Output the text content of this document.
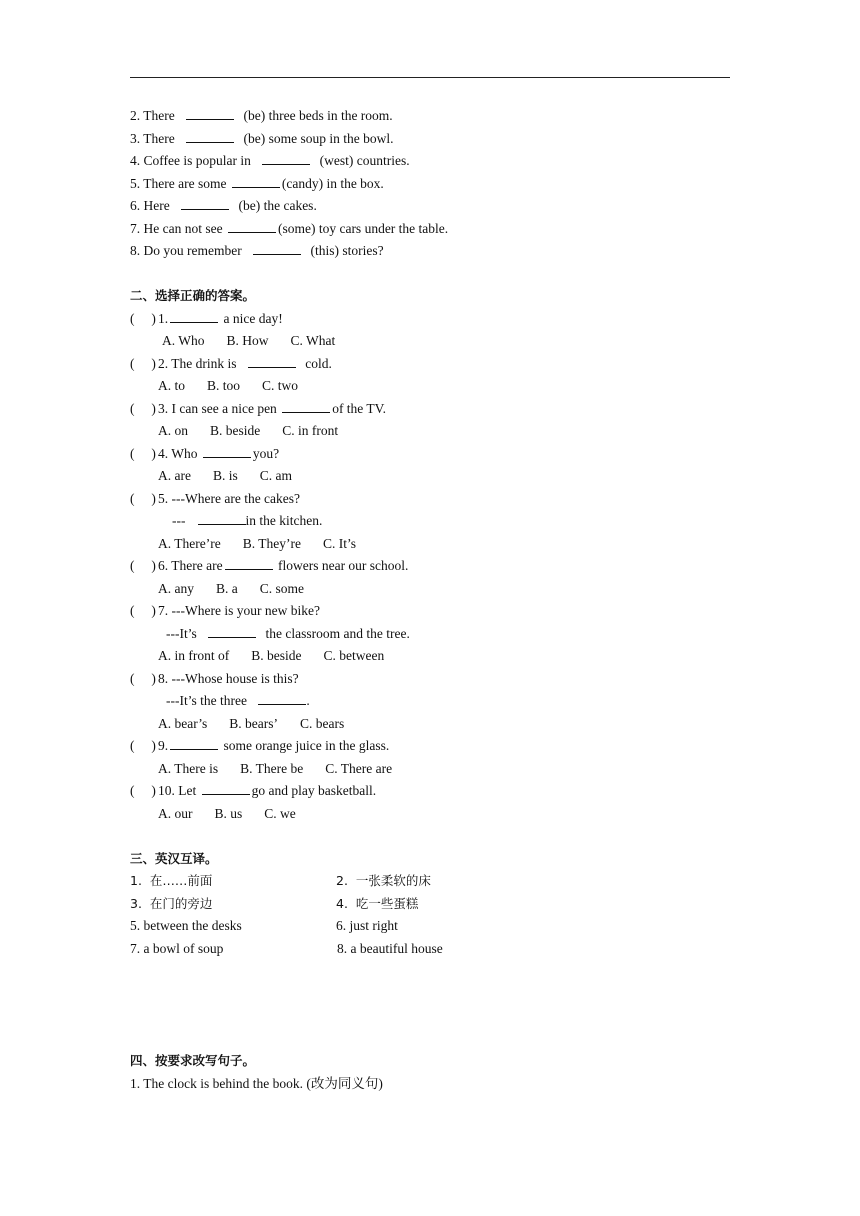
2. There	(be) three beds in the room.
3. There	(be) some soup in the bowl.
4. Coffee is popular in	(west) countries.
5. There are some	(candy) in the box.
6. Here	(be) the cakes.
7. He can not see	(some) toy cars under the table.
8. Do you remember	(this) stories?
二、选择正确的答案。
(     ) 1.	a nice day!
A. Who B. How C. What
(     ) 2. The drink is	cold.
A. to B. too C. two
(     ) 3. I can see a nice pen	of the TV.
A. on B. beside C. in front
(     ) 4. Who	you?
A. are B. is C. am
(     ) 5. ---Where are the cakes?
---	in the kitchen.
A. There’re B. They’re C. It’s
(     ) 6. There are	flowers near our school.
A. any B. a C. some
(     ) 7. ---Where is your new bike?
---It’s	the classroom and the tree.
A. in front of B. beside C. between
(     ) 8. ---Whose house is this?
---It’s the three	.
A. bear’s B. bears’ C. bears
(     ) 9.	some orange juice in the glass.
A. There is B. There be C. There are
(     ) 10. Let	go and play basketball.
A. our B. us C. we
三、英汉互译。
1.  在……前面	2.  一张柔软的床
3.  在门的旁边	4.  吃一些蛋糕
5. between the desks	6. just right
7. a bowl of soup	8. a beautiful house
四、按要求改写句子。
1. The clock is behind the book. (改为同义句)
